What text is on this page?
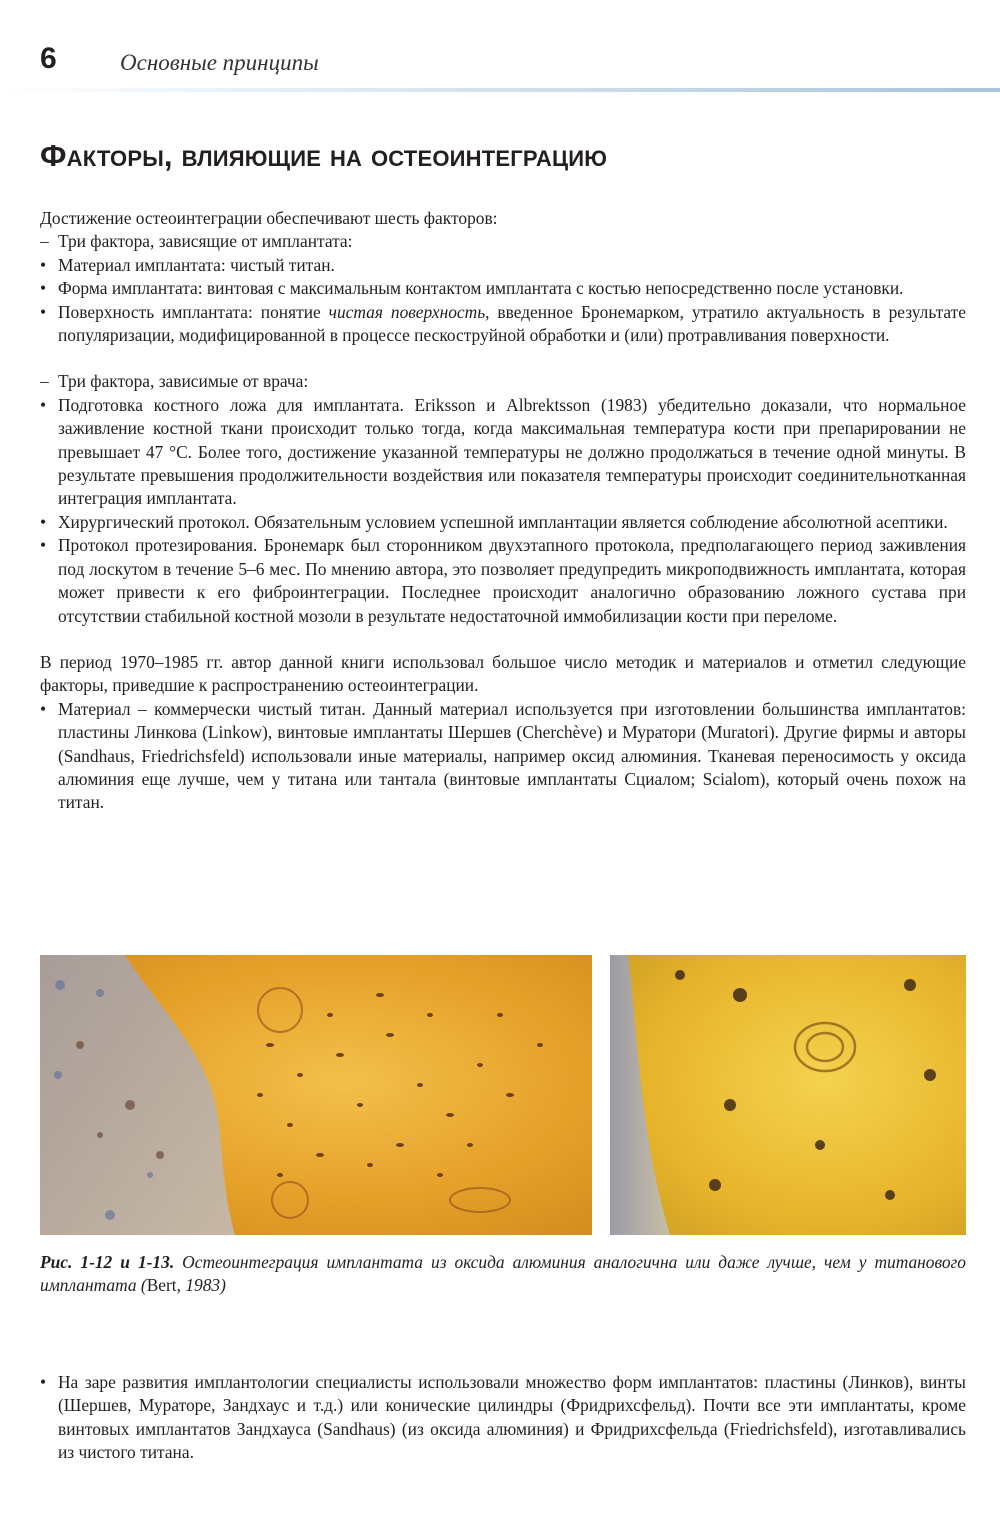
6	Основные принципы
Факторы, влияющие на остеоинтеграцию

Достижение остеоинтеграции обеспечивают шесть факторов:

– Три фактора, зависящие от имплантата:
• Материал имплантата: чистый титан.
• Форма имплантата: винтовая с максимальным контактом имплантата с костью непосредственно после установки.
• Поверхность имплантата: понятие чистая поверхность, введенное Бронемарком, утратило актуальность в результате популяризации, модифицированной в процессе пескоструйной обработки и (или) протравливания поверхности.
– Три фактора, зависимые от врача:
• Подготовка костного ложа для имплантата. Eriksson и Albrektsson (1983) убедительно доказали, что нормальное заживление костной ткани происходит только тогда, когда максимальная температура кости при препарировании не превышает 47 °С. Более того, достижение указанной температуры не должно продолжаться в течение одной минуты. В результате превышения продолжительности воздействия или показателя температуры происходит соединительнотканная интеграция имплантата.
• Хирургический протокол. Обязательным условием успешной имплантации является соблюдение абсолютной асептики.
• Протокол протезирования. Бронемарк был сторонником двухэтапного протокола, предполагающего период заживления под лоскутом в течение 5–6 мес. По мнению автора, это позволяет предупредить микроподвижность имплантата, которая может привести к его фиброинтеграции. Последнее происходит аналогично образованию ложного сустава при отсутствии стабильной костной мозоли в результате недостаточной иммобилизации кости при переломе.

В период 1970–1985 гг. автор данной книги использовал большое число методик и материалов и отметил следующие факторы, приведшие к распространению остеоинтеграции.

• Материал – коммерчески чистый титан. Данный материал используется при изготовлении большинства имплантатов: пластины Линкова (Linkow), винтовые имплантаты Шершев (Cherchève) и Муратори (Muratori). Другие фирмы и авторы (Sandhaus, Friedrichsfeld) использовали иные материалы, например оксид алюминия. Тканевая переносимость у оксида алюминия еще лучше, чем у титана или тантала (винтовые имплантаты Сциалом; Scialom), который очень похож на титан.
Рис. 1-12 и 1-13. Остеоинтеграция имплантата из оксида алюминия аналогична или даже лучше, чем у титанового имплантата (Bert, 1983)
• На заре развития имплантологии специалисты использовали множество форм имплантатов: пластины (Линков), винты (Шершев, Мураторе, Зандхаус и т.д.) или конические цилиндры (Фридрихсфельд). Почти все эти имплантаты, кроме винтовых имплантатов Зандхауса (Sandhaus) (из оксида алюминия) и Фридрихсфельда (Friedrichsfeld), изготавливались из чистого титана.
